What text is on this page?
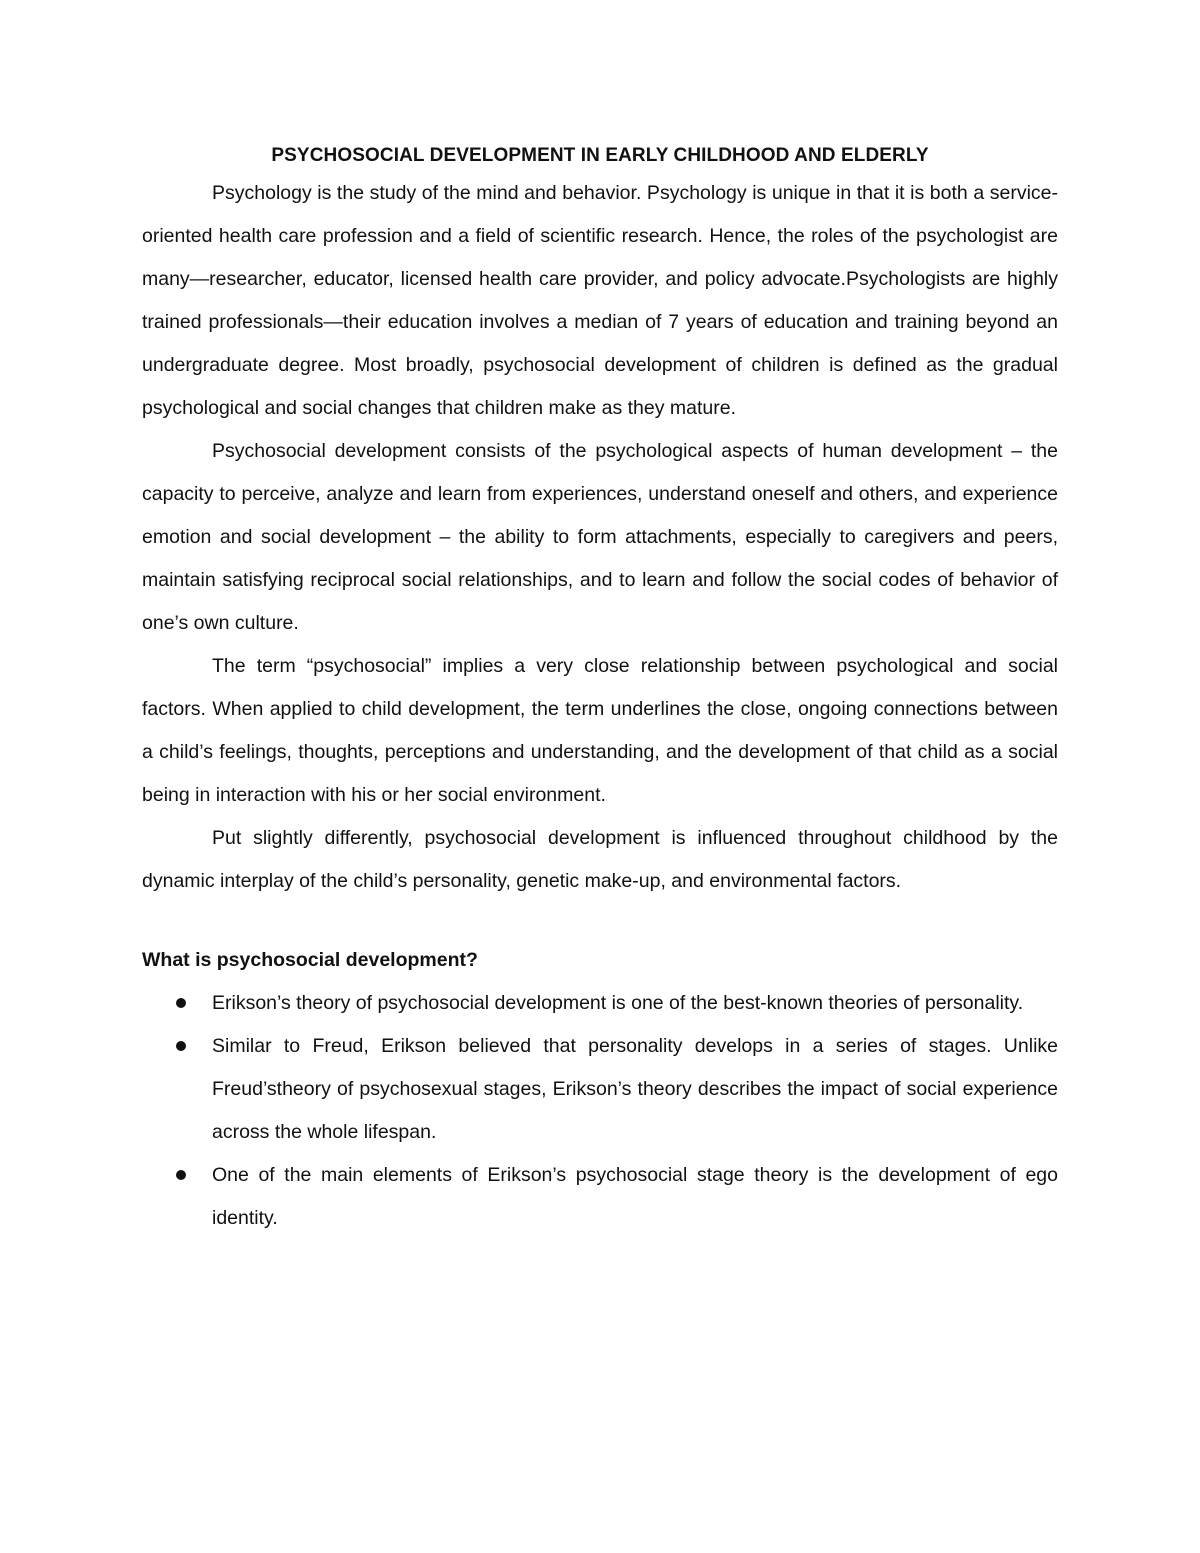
PSYCHOSOCIAL DEVELOPMENT IN EARLY CHILDHOOD AND ELDERLY

Psychology is the study of the mind and behavior. Psychology is unique in that it is both a service-oriented health care profession and a field of scientific research. Hence, the roles of the psychologist are many—researcher, educator, licensed health care provider, and policy advocate.Psychologists are highly trained professionals—their education involves a median of 7 years of education and training beyond an undergraduate degree. Most broadly, psychosocial development of children is defined as the gradual psychological and social changes that children make as they mature.

Psychosocial development consists of the psychological aspects of human development – the capacity to perceive, analyze and learn from experiences, understand oneself and others, and experience emotion and social development – the ability to form attachments, especially to caregivers and peers, maintain satisfying reciprocal social relationships, and to learn and follow the social codes of behavior of one’s own culture.

The term “psychosocial” implies a very close relationship between psychological and social factors. When applied to child development, the term underlines the close, ongoing connections between a child’s feelings, thoughts, perceptions and understanding, and the development of that child as a social being in interaction with his or her social environment.

Put slightly differently, psychosocial development is influenced throughout childhood by the dynamic interplay of the child’s personality, genetic make-up, and environmental factors.

What is psychosocial development?
Erikson’s theory of psychosocial development is one of the best-known theories of personality.
Similar to Freud, Erikson believed that personality develops in a series of stages. Unlike Freud’stheory of psychosexual stages, Erikson’s theory describes the impact of social experience across the whole lifespan.
One of the main elements of Erikson’s psychosocial stage theory is the development of ego identity.
